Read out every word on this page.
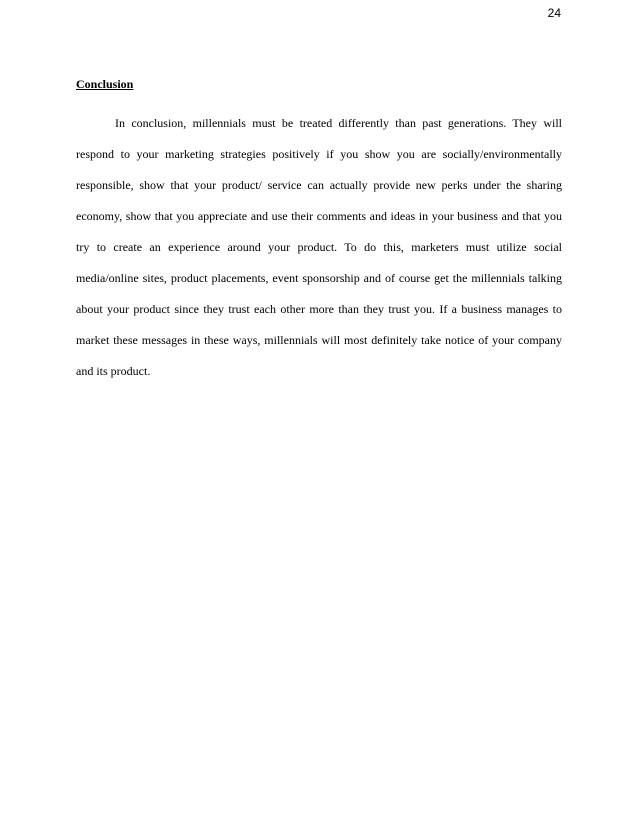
24
Conclusion

In conclusion, millennials must be treated differently than past generations. They will respond to your marketing strategies positively if you show you are socially/environmentally responsible, show that your product/ service can actually provide new perks under the sharing economy, show that you appreciate and use their comments and ideas in your business and that you try to create an experience around your product. To do this, marketers must utilize social media/online sites, product placements, event sponsorship and of course get the millennials talking about your product since they trust each other more than they trust you. If a business manages to market these messages in these ways, millennials will most definitely take notice of your company and its product.
